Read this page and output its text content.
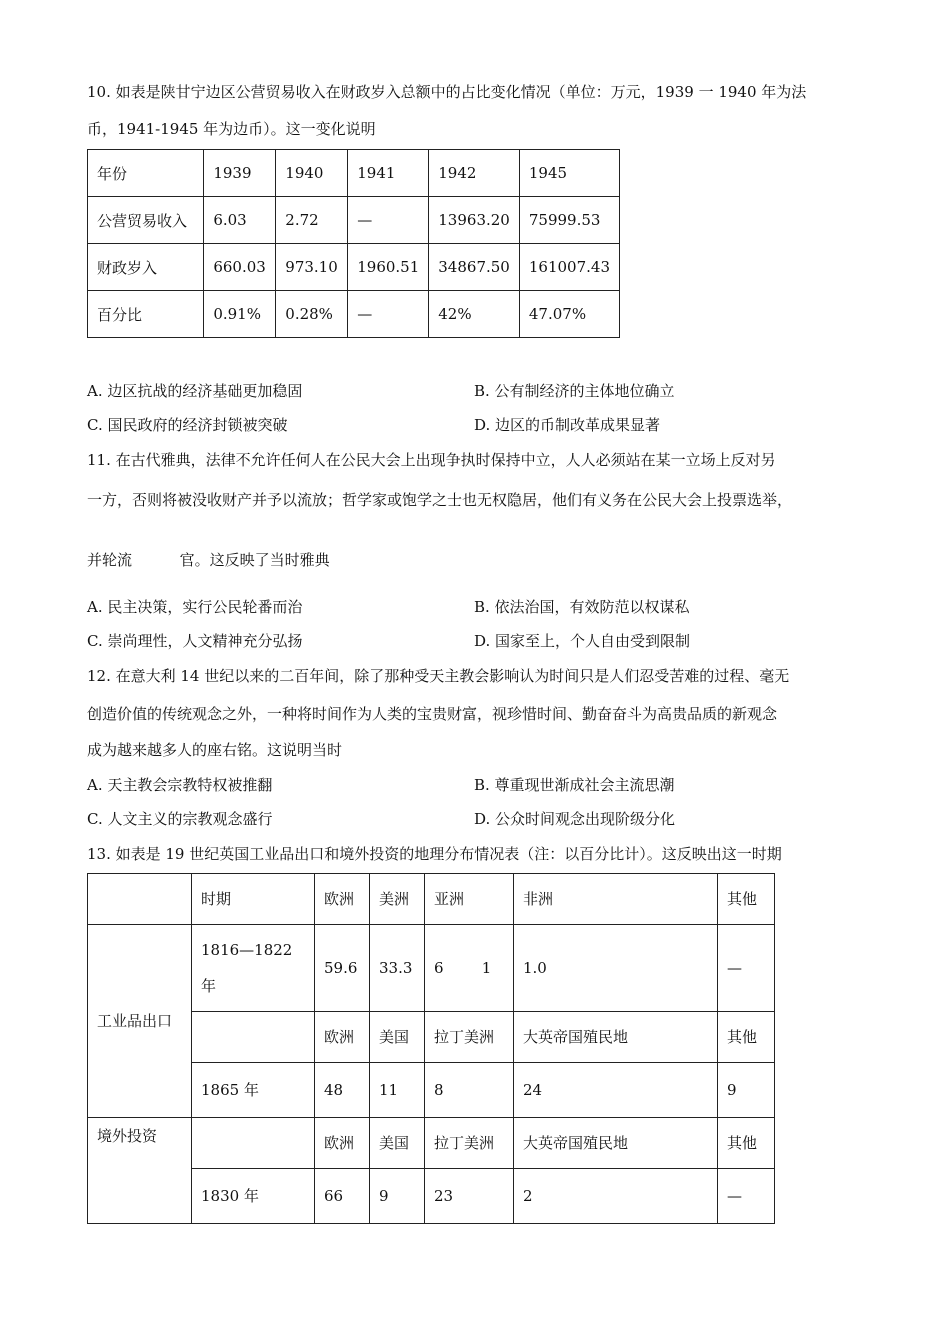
10. 如表是陕甘宁边区公营贸易收入在财政岁入总额中的占比变化情况（单位：万元，1939 一 1940 年为法
币，1941-1945 年为边币）。这一变化说明
年份	1939	1940	1941	1942	1945
公营贸易收入	6.03	2.72	—	13963.20	75999.53
财政岁入	660.03	973.10	1960.51	34867.50	161007.43
百分比	0.91%	0.28%	—	42%	47.07%
A. 边区抗战的经济基础更加稳固	B. 公有制经济的主体地位确立
C. 国民政府的经济封锁被突破	D. 边区的币制改革成果显著
11. 在古代雅典，法律不允许任何人在公民大会上出现争执时保持中立，人人必须站在某一立场上反对另
一方，否则将被没收财产并予以流放；哲学家或饱学之士也无权隐居，他们有义务在公民大会上投票选举，
并轮流          官。这反映了当时雅典
A. 民主决策，实行公民轮番而治	B. 依法治国，有效防范以权谋私
C. 崇尚理性，人文精神充分弘扬	D. 国家至上，个人自由受到限制
12. 在意大利 14 世纪以来的二百年间，除了那种受天主教会影响认为时间只是人们忍受苦难的过程、毫无
创造价值的传统观念之外，一种将时间作为人类的宝贵财富，视珍惜时间、勤奋奋斗为高贵品质的新观念
成为越来越多人的座右铭。这说明当时
A. 天主教会宗教特权被推翻	B. 尊重现世渐成社会主流思潮
C. 人文主义的宗教观念盛行	D. 公众时间观念出现阶级分化
13. 如表是 19 世纪英国工业品出口和境外投资的地理分布情况表（注：以百分比计）。这反映出这一时期
	时期	欧洲	美洲	亚洲	非洲	其他
工业品出口	1816—1822 年	59.6	33.3	6        1	1.0	—
		欧洲	美国	拉丁美洲	大英帝国殖民地	其他
	1865 年	48	11	8	24	9
境外投资		欧洲	美国	拉丁美洲	大英帝国殖民地	其他
	1830 年	66	9	23	2	—
